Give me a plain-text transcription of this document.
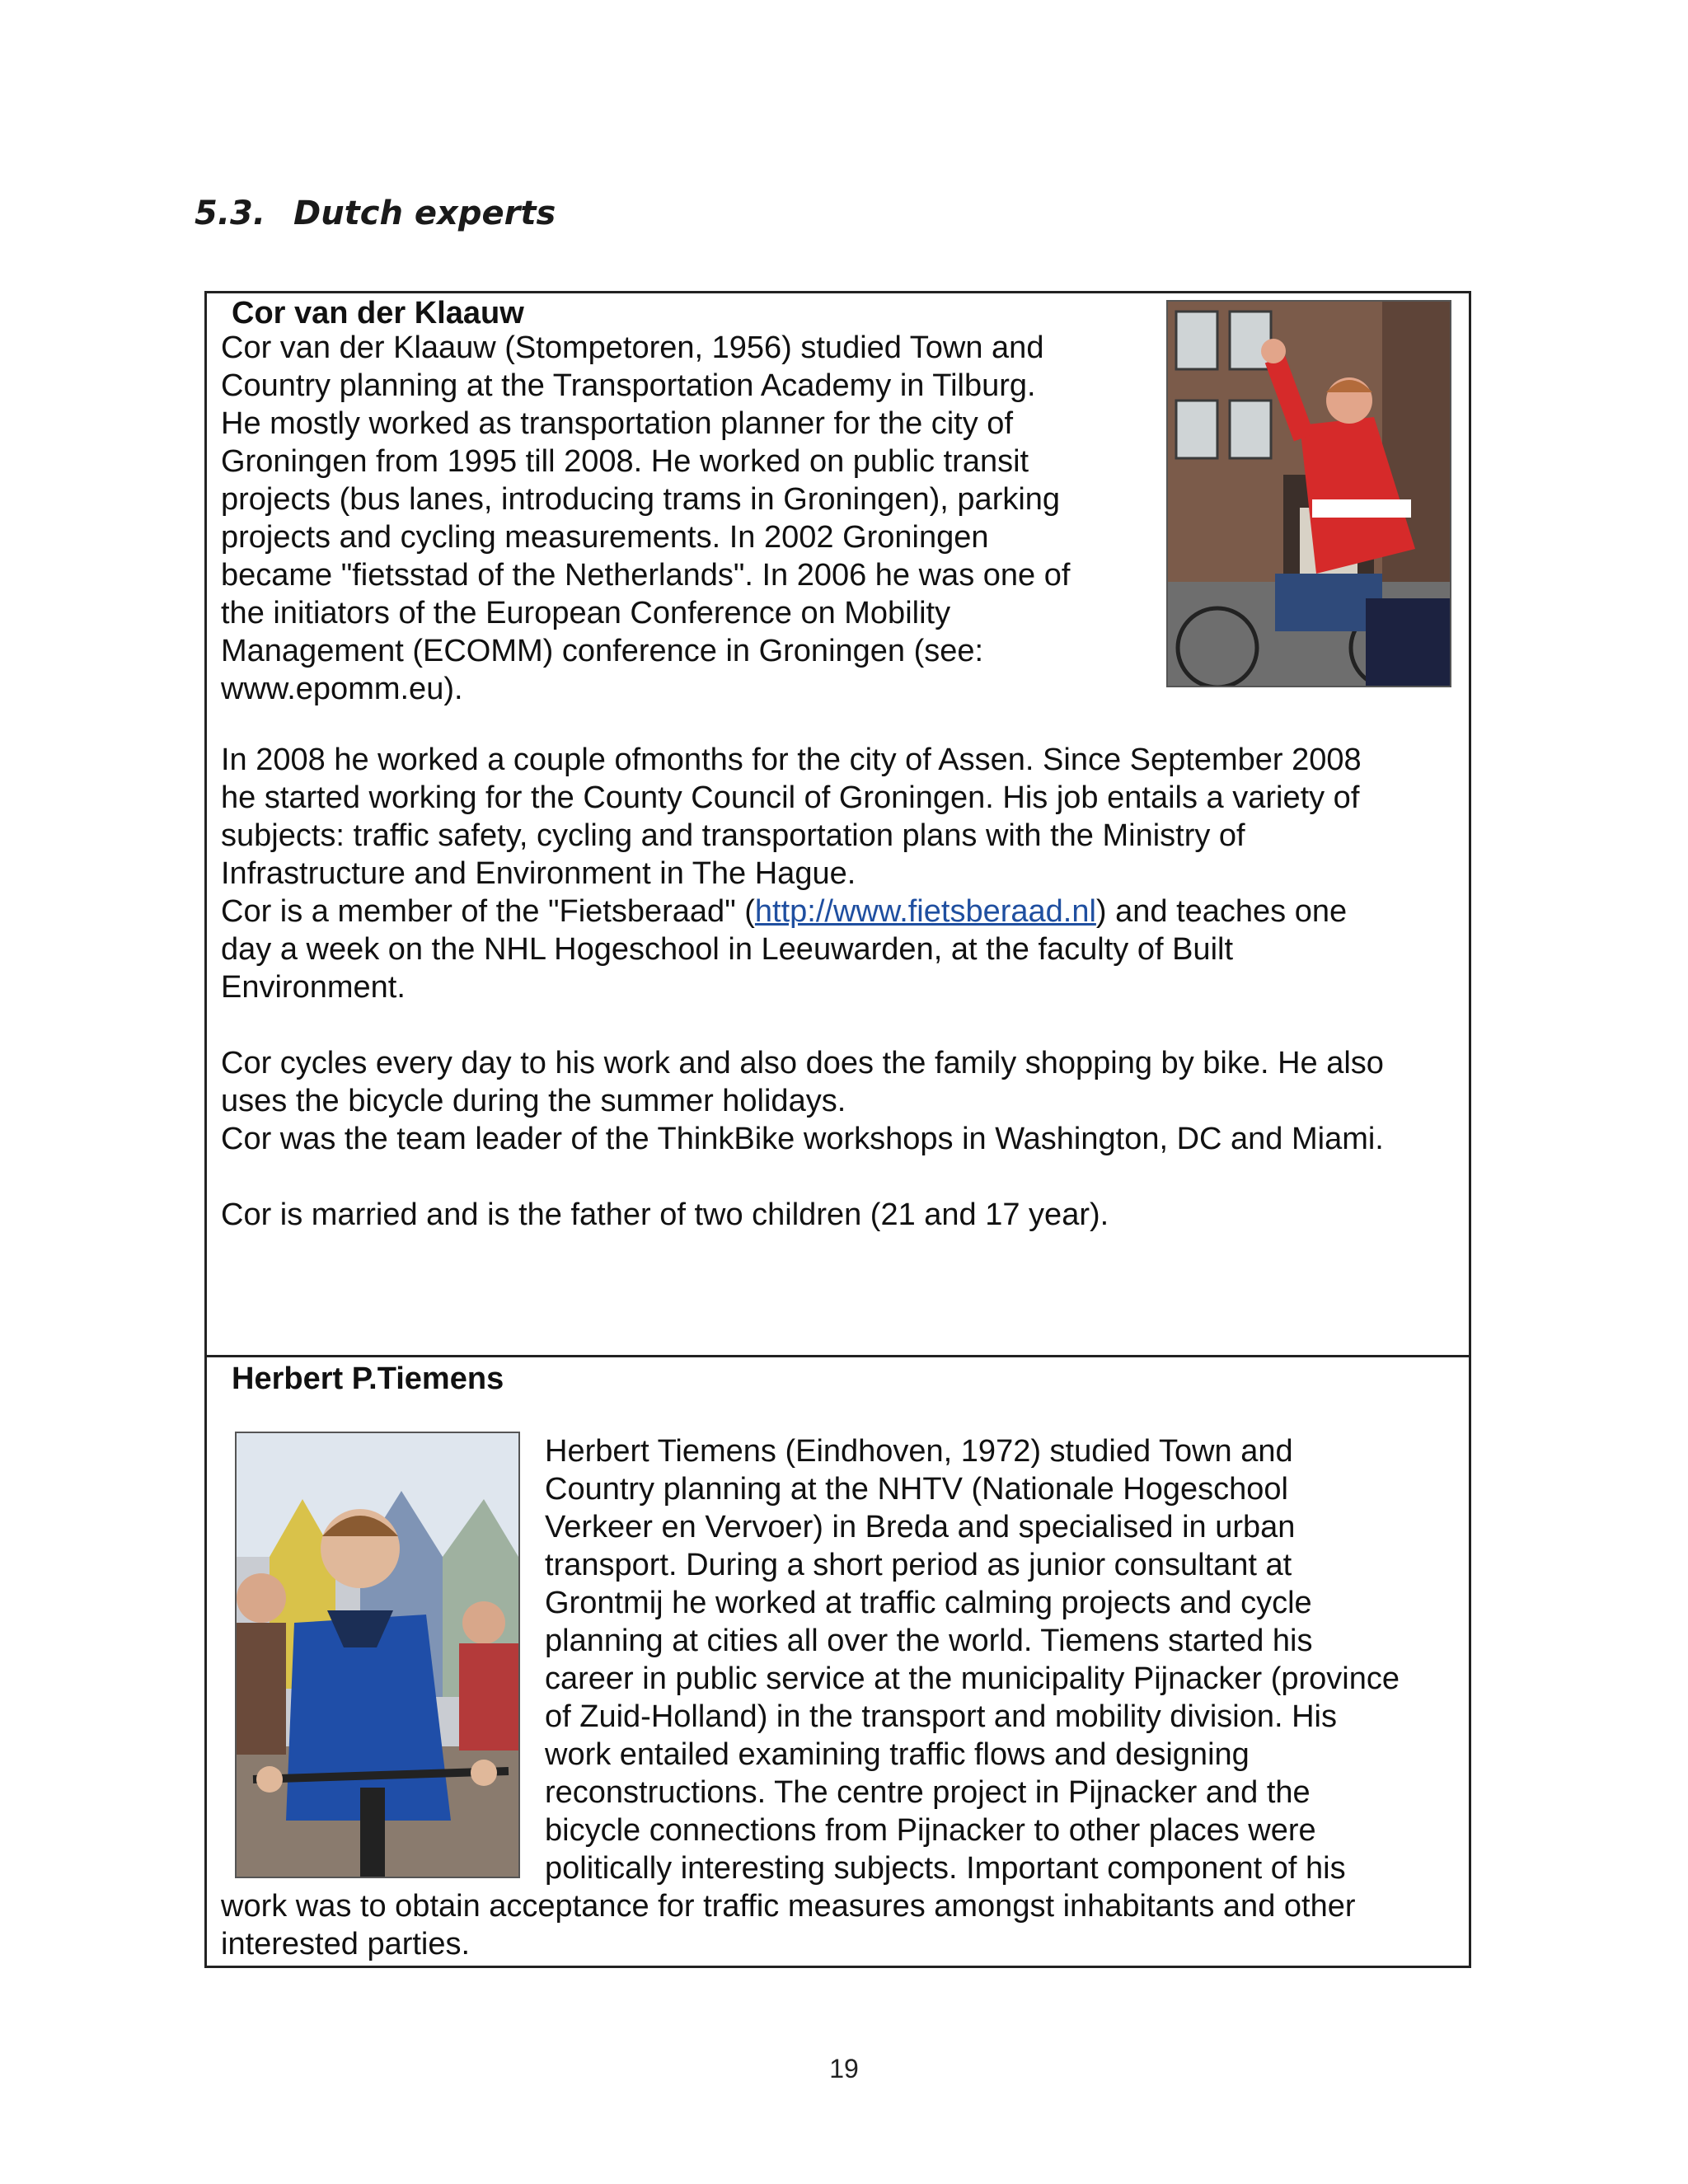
5.3. Dutch experts
Cor van der Klaauw
Cor van der Klaauw (Stompetoren, 1956) studied Town and
Country planning at the Transportation Academy in Tilburg.
He mostly worked as transportation planner for the city of
Groningen from 1995 till 2008. He worked on public transit
projects (bus lanes, introducing trams in Groningen), parking
projects and cycling measurements. In 2002 Groningen
became "fietsstad of the Netherlands". In 2006 he was one of
the initiators of the European Conference on Mobility
Management (ECOMM) conference in Groningen (see:
www.epomm.eu).
In 2008 he worked a couple ofmonths for the city of Assen. Since September 2008
he started working for the County Council of Groningen. His job entails a variety of
subjects: traffic safety, cycling and transportation plans with the Ministry of
Infrastructure and Environment in The Hague.
Cor is a member of the "Fietsberaad" (http://www.fietsberaad.nl) and teaches one
day a week on the NHL Hogeschool in Leeuwarden, at the faculty of Built
Environment.
Cor cycles every day to his work and also does the family shopping by bike. He also
uses the bicycle during the summer holidays.
Cor was the team leader of the ThinkBike workshops in Washington, DC and Miami.
Cor is married and is the father of two children (21 and 17 year).
Herbert P.Tiemens
Herbert Tiemens (Eindhoven, 1972) studied Town and
Country planning at the NHTV (Nationale Hogeschool
Verkeer en Vervoer) in Breda and specialised in urban
transport. During a short period as junior consultant at
Grontmij he worked at traffic calming projects and cycle
planning at cities all over the world. Tiemens started his
career in public service at the municipality Pijnacker (province
of Zuid-Holland) in the transport and mobility division. His
work entailed examining traffic flows and designing
reconstructions. The centre project in Pijnacker and the
bicycle connections from Pijnacker to other places were
politically interesting subjects. Important component of his
work was to obtain acceptance for traffic measures amongst inhabitants and other
interested parties.
19
